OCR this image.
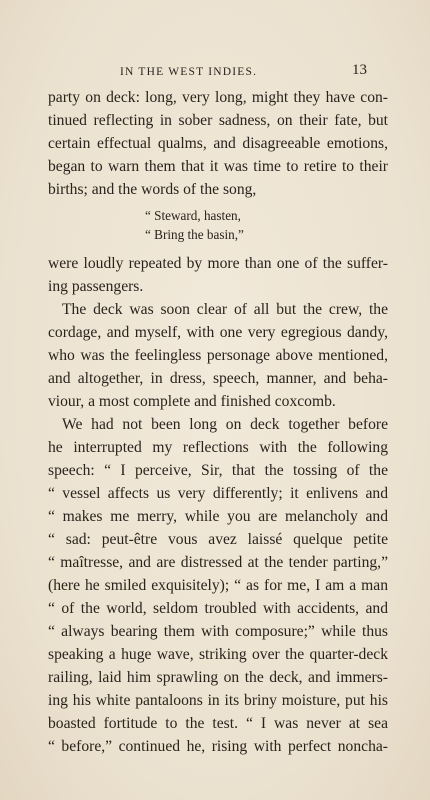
IN THE WEST INDIES.	13
party on deck: long, very long, might they have con-
tinued reflecting in sober sadness, on their fate, but
certain effectual qualms, and disagreeable emotions,
began to warn them that it was time to retire to their
births; and the words of the song,
“ Steward, hasten,
“ Bring the basin,”
were loudly repeated by more than one of the suffer-
ing passengers.
The deck was soon clear of all but the crew, the
cordage, and myself, with one very egregious dandy,
who was the feelingless personage above mentioned,
and altogether, in dress, speech, manner, and beha-
viour, a most complete and finished coxcomb.
We had not been long on deck together before
he interrupted my reflections with the following
speech: “ I perceive, Sir, that the tossing of the
“ vessel affects us very differently; it enlivens and
“ makes me merry, while you are melancholy and
“ sad: peut-être vous avez laissé quelque petite
“ maîtresse, and are distressed at the tender parting,”
(here he smiled exquisitely); “ as for me, I am a man
“ of the world, seldom troubled with accidents, and
“ always bearing them with composure;” while thus
speaking a huge wave, striking over the quarter-deck
railing, laid him sprawling on the deck, and immers-
ing his white pantaloons in its briny moisture, put his
boasted fortitude to the test. “ I was never at sea
“ before,” continued he, rising with perfect noncha-
